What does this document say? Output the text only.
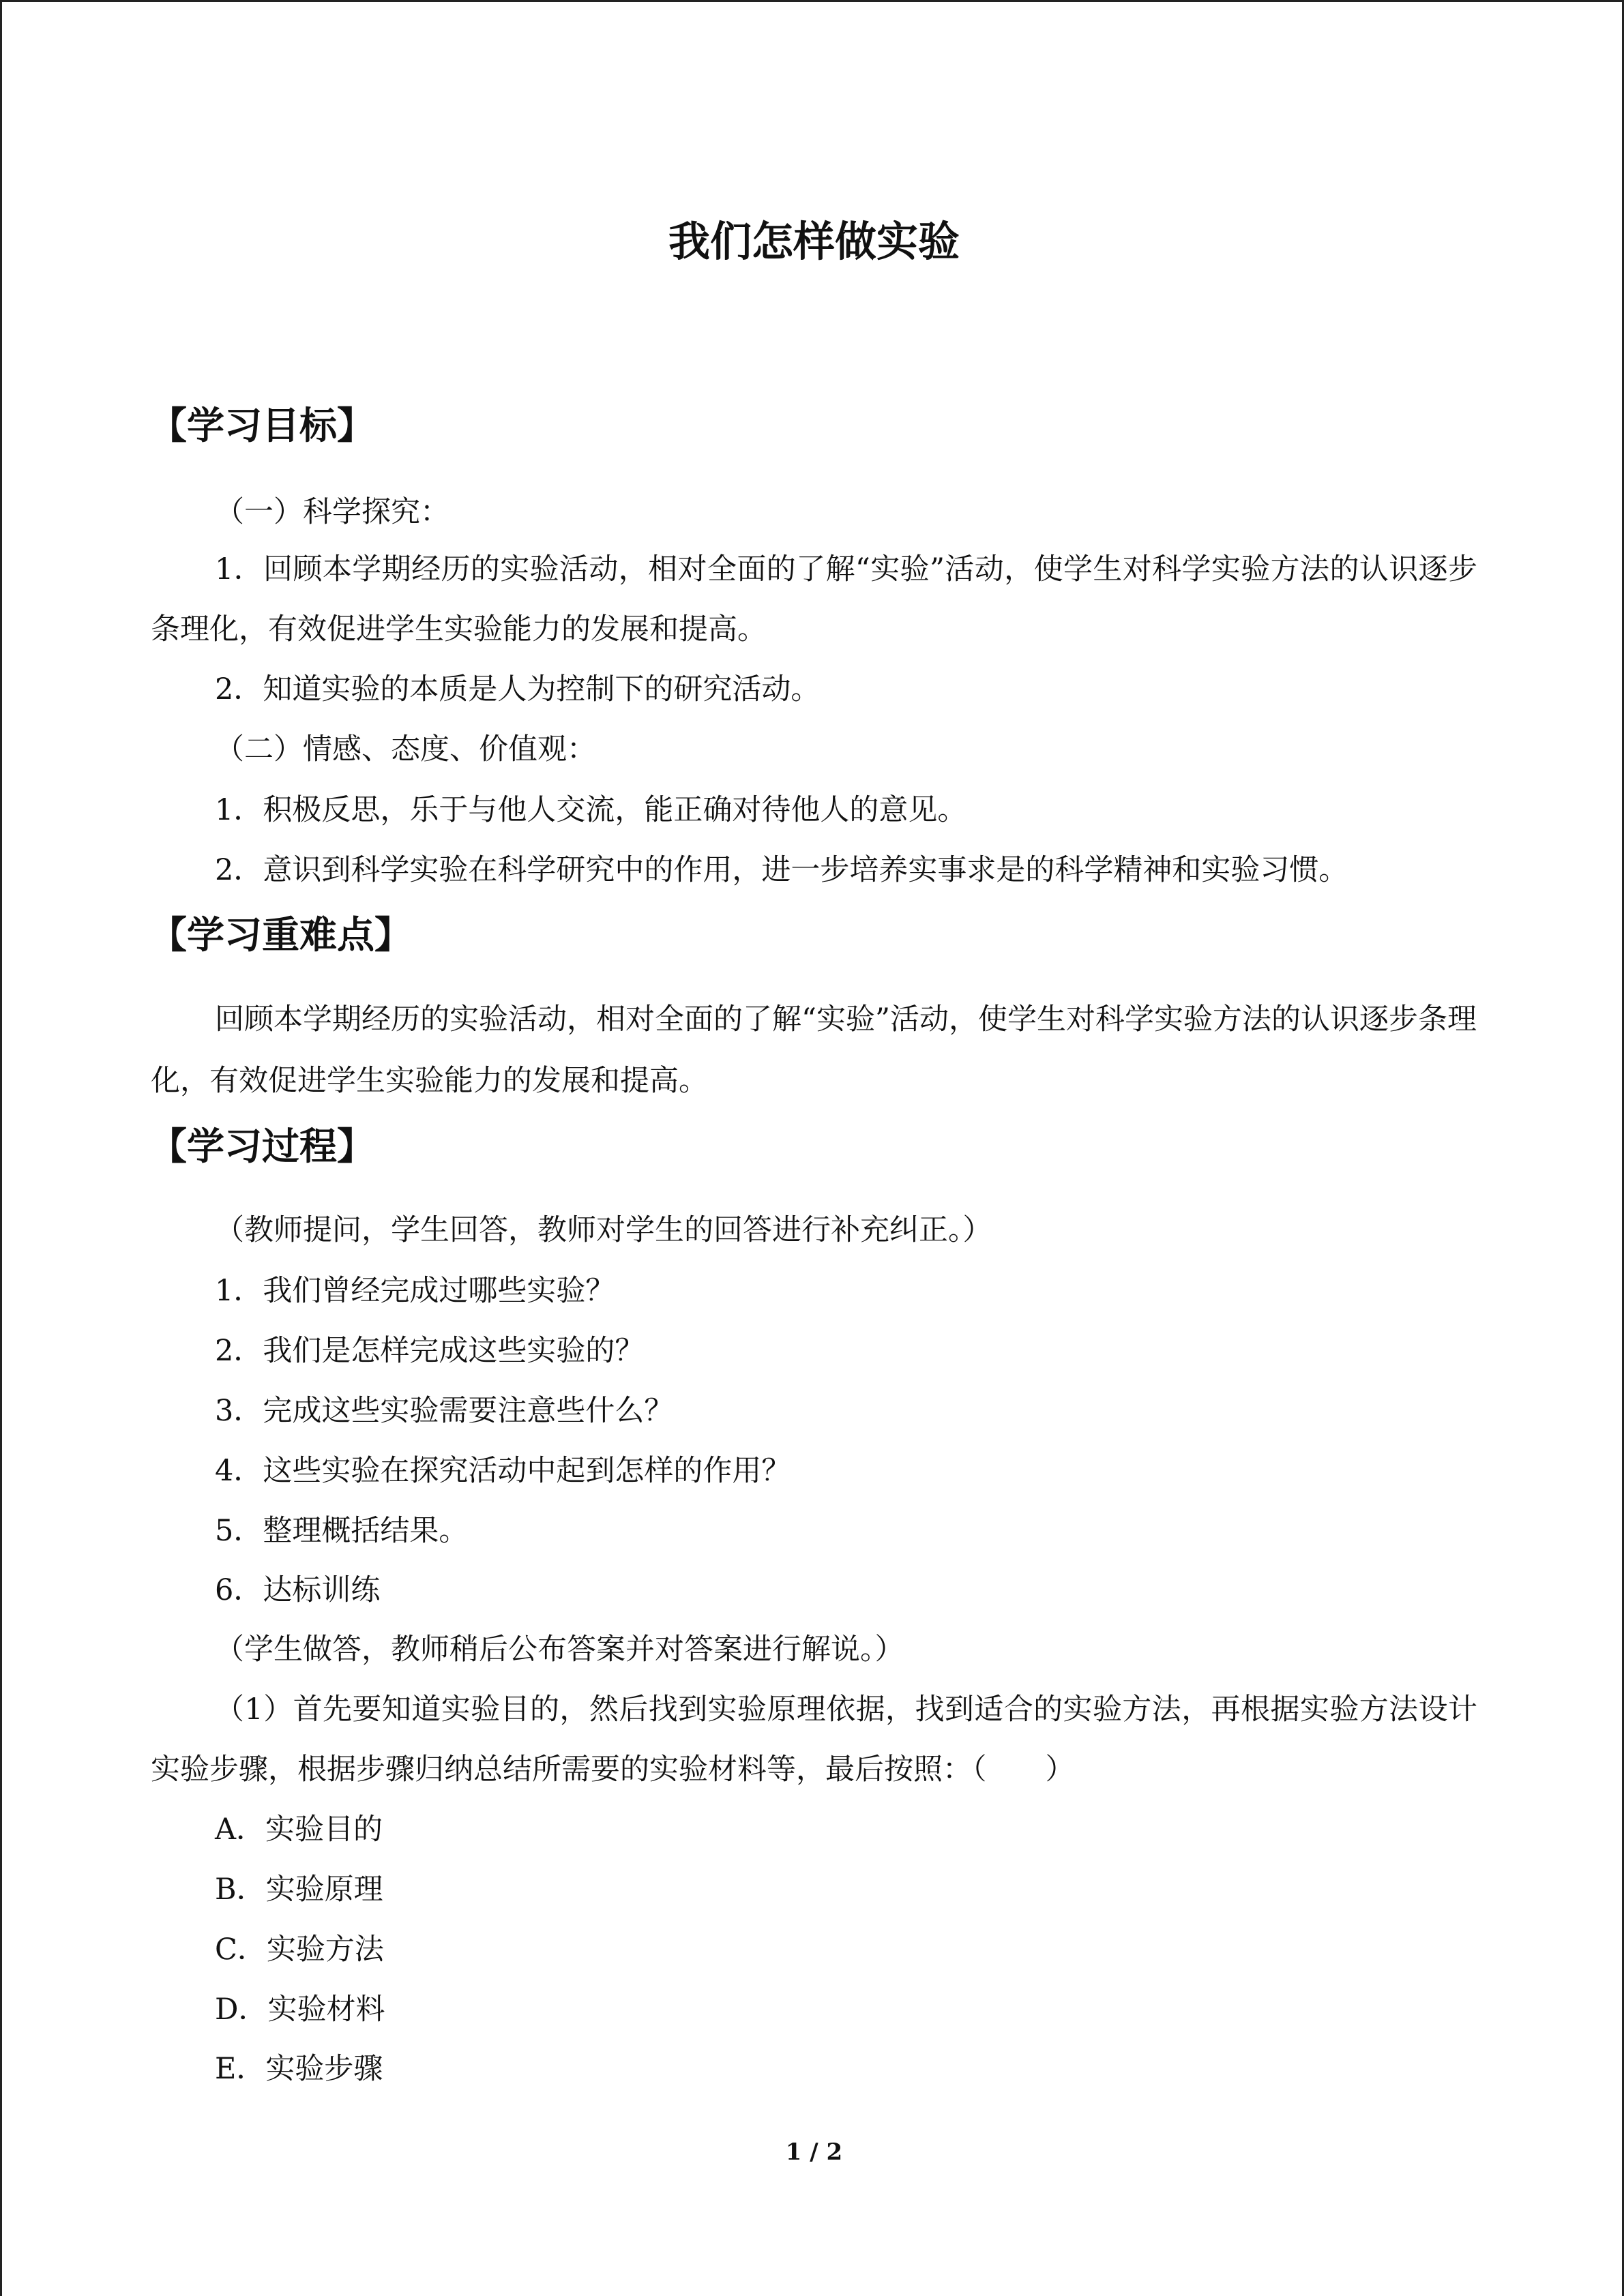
我们怎样做实验
【学习目标】
（一）科学探究：

1．回顾本学期经历的实验活动，相对全面的了解“实验”活动，使学生对科学实验方法的认识逐步条理化，有效促进学生实验能力的发展和提高。

2．知道实验的本质是人为控制下的研究活动。
（二）情感、态度、价值观：
1．积极反思，乐于与他人交流，能正确对待他人的意见。
2．意识到科学实验在科学研究中的作用，进一步培养实事求是的科学精神和实验习惯。
【学习重难点】

回顾本学期经历的实验活动，相对全面的了解“实验”活动，使学生对科学实验方法的认识逐步条理化，有效促进学生实验能力的发展和提高。

【学习过程】
（教师提问，学生回答，教师对学生的回答进行补充纠正。）
1．我们曾经完成过哪些实验？
2．我们是怎样完成这些实验的？
3．完成这些实验需要注意些什么？
4．这些实验在探究活动中起到怎样的作用？
5．整理概括结果。
6．达标训练
（学生做答，教师稍后公布答案并对答案进行解说。）

（1）首先要知道实验目的，然后找到实验原理依据，找到适合的实验方法，再根据实验方法设计实验步骤，根据步骤归纳总结所需要的实验材料等，最后按照：（　　）

A．实验目的
B．实验原理
C．实验方法
D．实验材料
E．实验步骤
1 / 2
